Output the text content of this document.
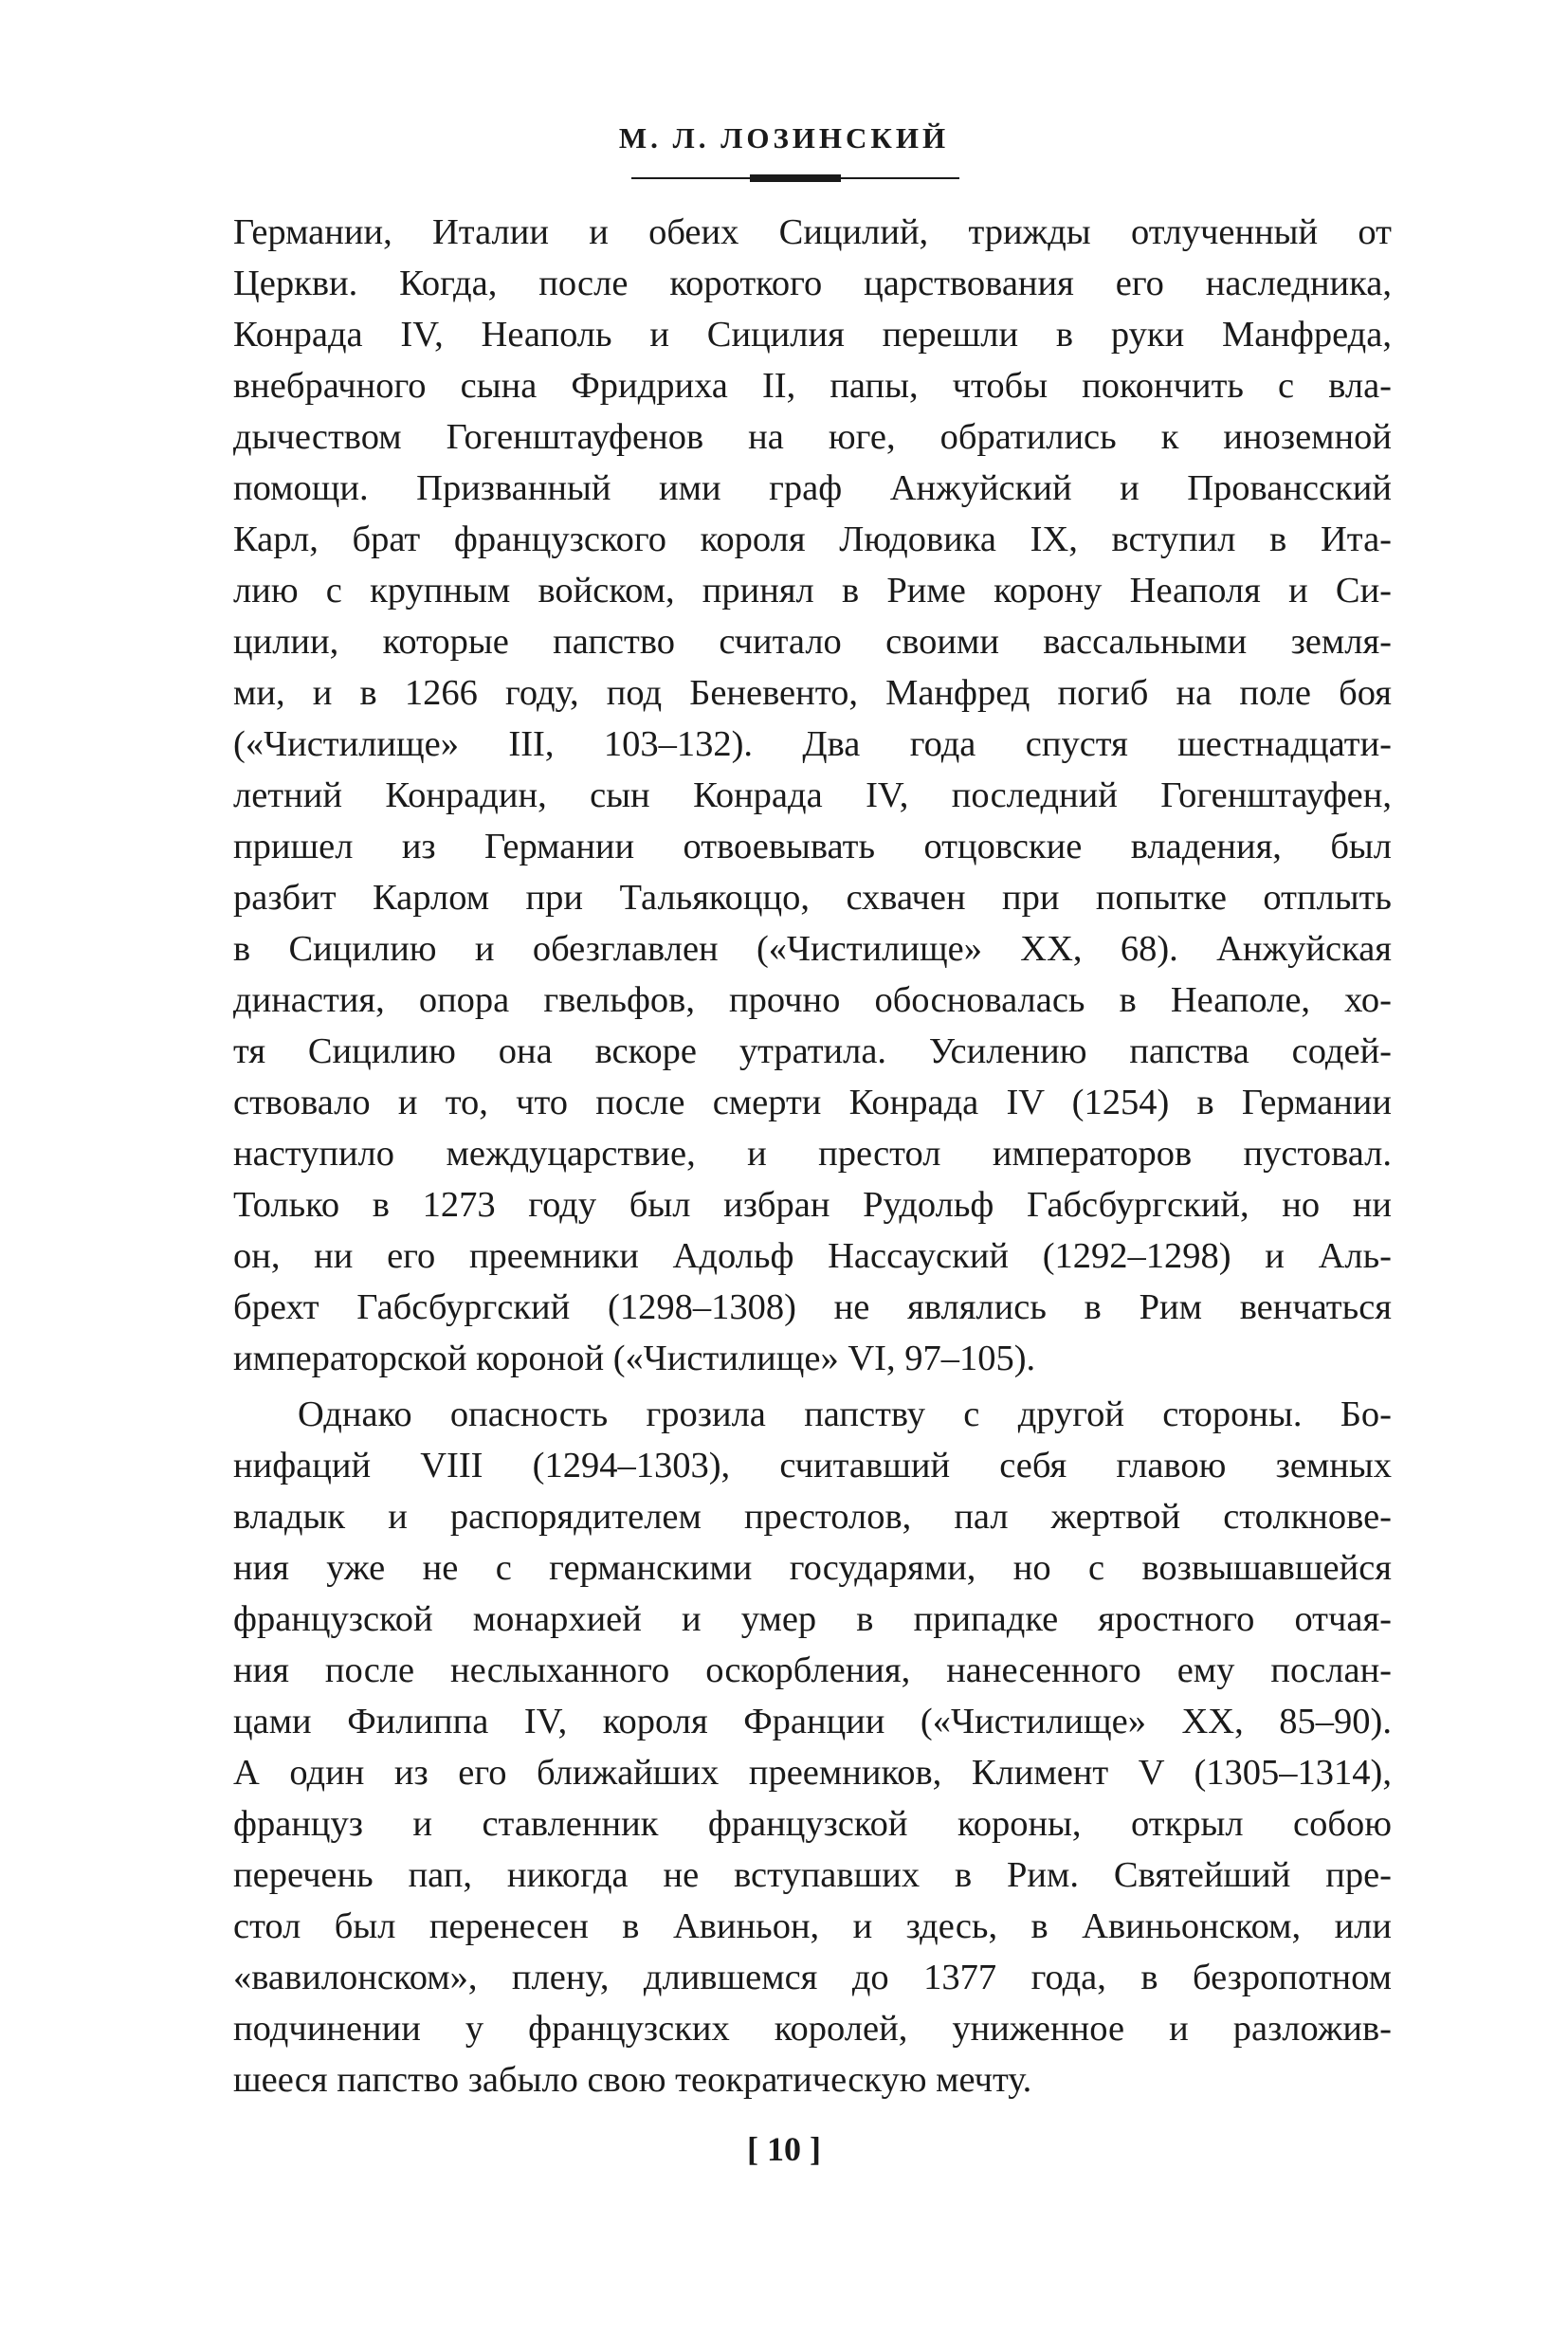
М. Л. ЛОЗИНСКИЙ
Германии, Италии и обеих Сицилий, трижды отлученный от
Церкви. Когда, после короткого царствования его наследника,
Конрада IV, Неаполь и Сицилия перешли в руки Манфреда,
внебрачного сына Фридриха II, папы, чтобы покончить с вла-
дычеством Гогенштауфенов на юге, обратились к иноземной
помощи. Призванный ими граф Анжуйский и Прованcский
Карл, брат французского короля Людовика IX, вступил в Ита-
лию с крупным войском, принял в Риме корону Неаполя и Си-
цилии, которые папство считало своими вассальными земля-
ми, и в 1266 году, под Беневенто, Манфред погиб на поле боя
(«Чистилище» III, 103–132). Два года спустя шестнадцати-
летний Конрадин, сын Конрада IV, последний Гогенштауфен,
пришел из Германии отвоевывать отцовские владения, был
разбит Карлом при Тальякоццо, схвачен при попытке отплыть
в Сицилию и обезглавлен («Чистилище» XX, 68). Анжуйская
династия, опора гвельфов, прочно обосновалась в Неаполе, хо-
тя Сицилию она вскоре утратила. Усилению папства содей-
ствовало и то, что после смерти Конрада IV (1254) в Германии
наступило междуцарствие, и престол императоров пустовал.
Только в 1273 году был избран Рудольф Габсбургский, но ни
он, ни его преемники Адольф Нассауский (1292–1298) и Аль-
брехт Габсбургский (1298–1308) не являлись в Рим венчаться
императорской короной («Чистилище» VI, 97–105).
Однако опасность грозила папству с другой стороны. Бо-
нифаций VIII (1294–1303), считавший себя главою земных
владык и распорядителем престолов, пал жертвой столкнове-
ния уже не с германскими государями, но с возвышавшейся
французской монархией и умер в припадке яростного отчая-
ния после неслыханного оскорбления, нанесенного ему послан-
цами Филиппа IV, короля Франции («Чистилище» XX, 85–90).
А один из его ближайших преемников, Климент V (1305–1314),
француз и ставленник французской короны, открыл собою
перечень пап, никогда не вступавших в Рим. Святейший пре-
стол был перенесен в Авиньон, и здесь, в Авиньонском, или
«вавилонском», плену, длившемся до 1377 года, в безропотном
подчинении у французских королей, униженное и разложив-
шееся папство забыло свою теократическую мечту.
[ 10 ]
